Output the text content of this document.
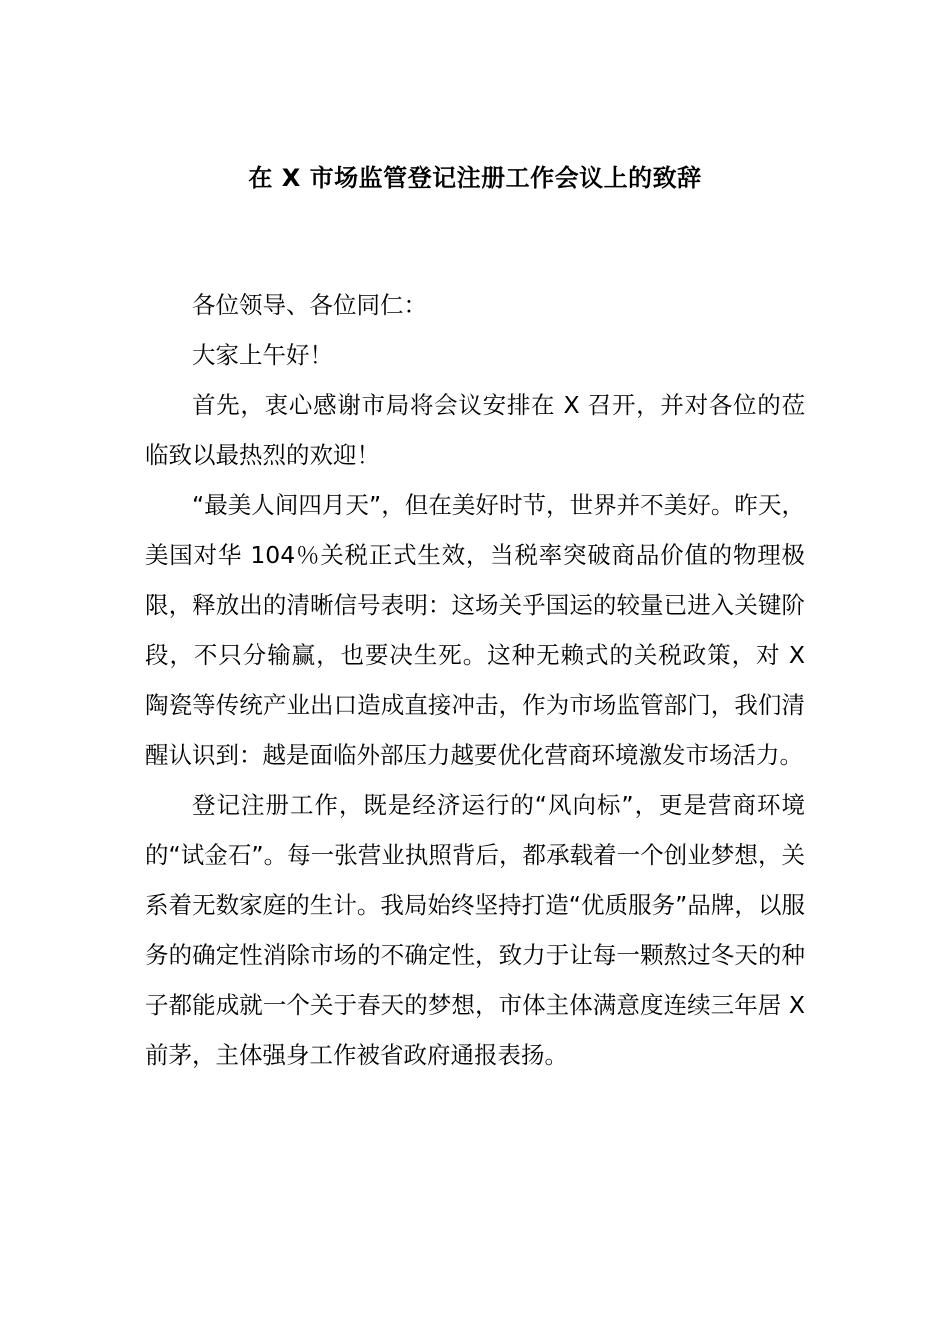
在 X 市场监管登记注册工作会议上的致辞

各位领导、各位同仁：

大家上午好！

首先，衷心感谢市局将会议安排在 X 召开，并对各位的莅临致以最热烈的欢迎！

“最美人间四月天”，但在美好时节，世界并不美好。昨天，美国对华 104％关税正式生效，当税率突破商品价值的物理极限，释放出的清晰信号表明：这场关乎国运的较量已进入关键阶段，不只分输赢，也要决生死。这种无赖式的关税政策，对 X 陶瓷等传统产业出口造成直接冲击，作为市场监管部门，我们清醒认识到：越是面临外部压力越要优化营商环境激发市场活力。

登记注册工作，既是经济运行的“风向标”，更是营商环境的“试金石”。每一张营业执照背后，都承载着一个创业梦想，关系着无数家庭的生计。我局始终坚持打造“优质服务”品牌，以服务的确定性消除市场的不确定性，致力于让每一颗熬过冬天的种子都能成就一个关于春天的梦想，市体主体满意度连续三年居 X 前茅，主体强身工作被省政府通报表扬。
